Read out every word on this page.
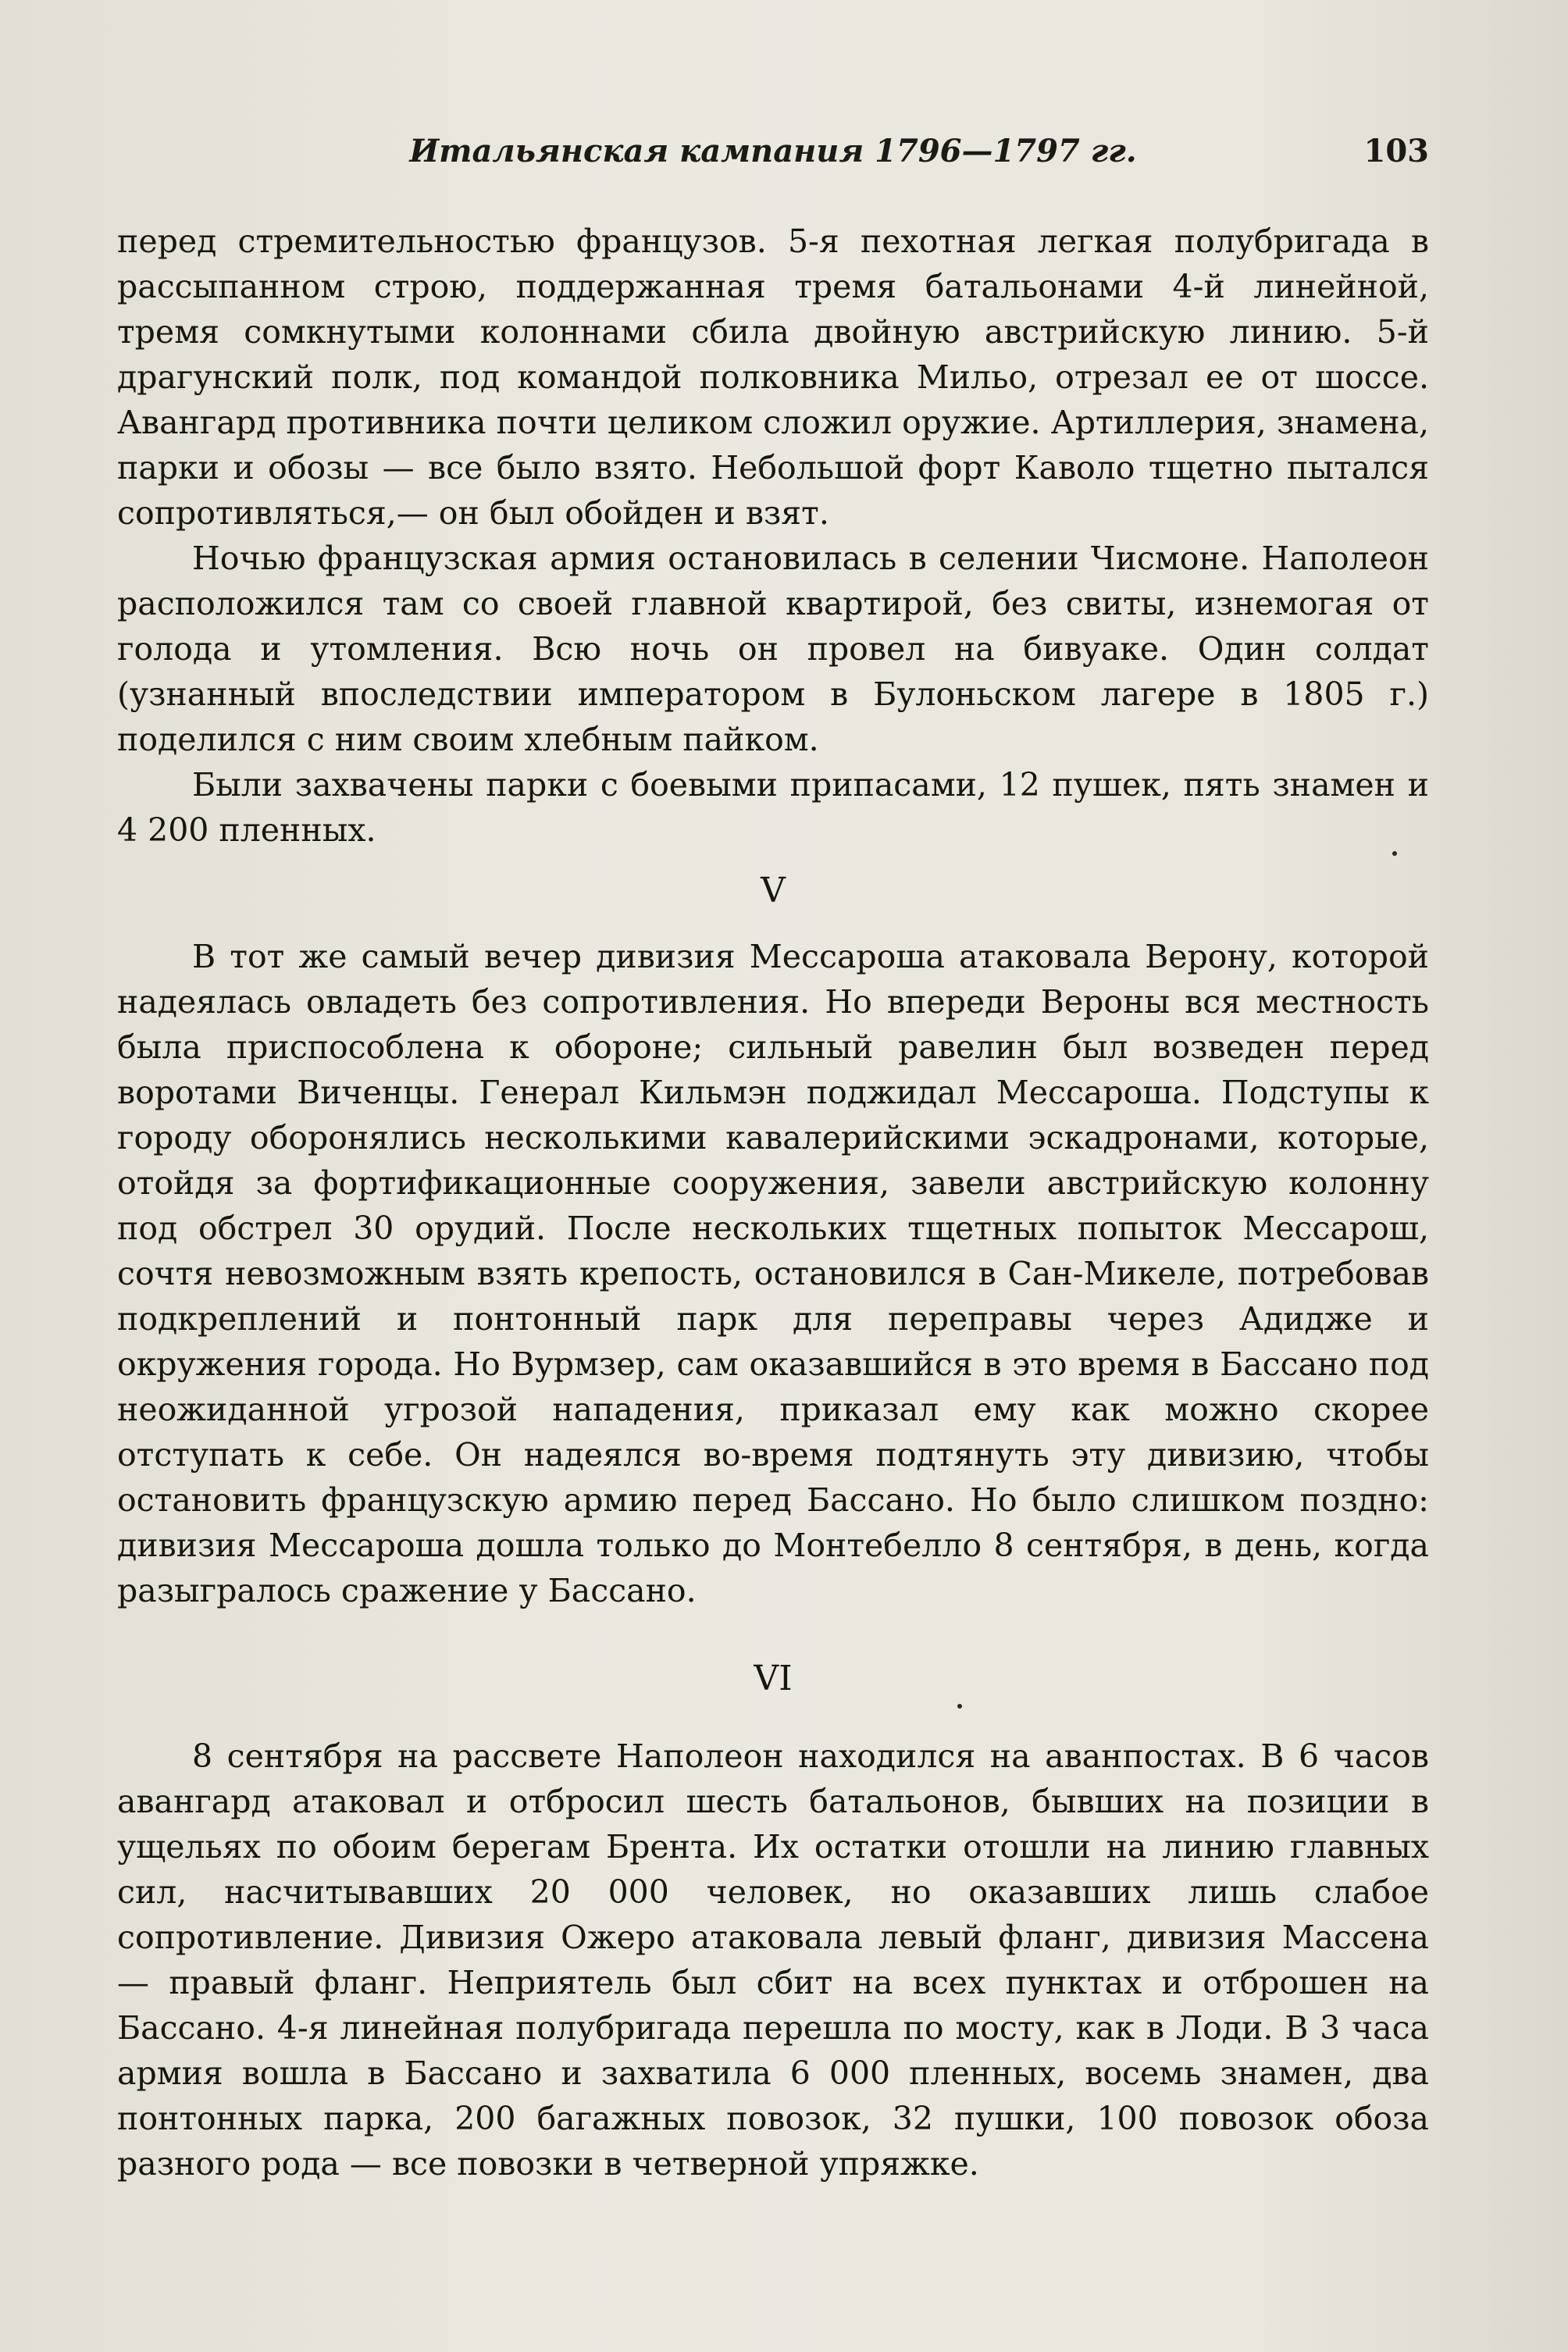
Итальянская кампания 1796—1797 гг.	103

перед стремительностью французов. 5-я пехотная легкая полубригада в рассыпанном строю, поддержанная тремя батальонами 4-й линейной, тремя сомкнутыми колоннами сбила двойную австрийскую линию. 5-й драгунский полк, под командой полковника Мильо, отрезал ее от шоссе. Авангард противника почти целиком сложил оружие. Артиллерия, знамена, парки и обозы — все было взято. Небольшой форт Каволо тщетно пытался сопротивляться,— он был обойден и взят.

Ночью французская армия остановилась в селении Чисмоне. Наполеон расположился там со своей главной квартирой, без свиты, изнемогая от голода и утомления. Всю ночь он провел на бивуаке. Один солдат (узнанный впоследствии императором в Булоньском лагере в 1805 г.) поделился с ним своим хлебным пайком.

Были захвачены парки с боевыми припасами, 12 пушек, пять знамен и 4 200 пленных.

V

В тот же самый вечер дивизия Мессароша атаковала Верону, которой надеялась овладеть без сопротивления. Но впереди Вероны вся местность была приспособлена к обороне; сильный равелин был возведен перед воротами Виченцы. Генерал Кильмэн поджидал Мессароша. Подступы к городу оборонялись несколькими кавалерийскими эскадронами, которые, отойдя за фортификационные сооружения, завели австрийскую колонну под обстрел 30 орудий. После нескольких тщетных попыток Мессарош, сочтя невозможным взять крепость, остановился в Сан-Микеле, потребовав подкреплений и понтонный парк для переправы через Адидже и окружения города. Но Вурмзер, сам оказавшийся в это время в Бассано под неожиданной угрозой нападения, приказал ему как можно скорее отступать к себе. Он надеялся во-время подтянуть эту дивизию, чтобы остановить французскую армию перед Бассано. Но было слишком поздно: дивизия Мессароша дошла только до Монтебелло 8 сентября, в день, когда разыгралось сражение у Бассано.

VI

8 сентября на рассвете Наполеон находился на аванпостах. В 6 часов авангард атаковал и отбросил шесть батальонов, бывших на позиции в ущельях по обоим берегам Брента. Их остатки отошли на линию главных сил, насчитывавших 20 000 человек, но оказавших лишь слабое сопротивление. Дивизия Ожеро атаковала левый фланг, дивизия Массена — правый фланг. Неприятель был сбит на всех пунктах и отброшен на Бассано. 4-я линейная полубригада перешла по мосту, как в Лоди. В 3 часа армия вошла в Бассано и захватила 6 000 пленных, восемь знамен, два понтонных парка, 200 багажных повозок, 32 пушки, 100 повозок обоза разного рода — все повозки в четверной упряжке.
